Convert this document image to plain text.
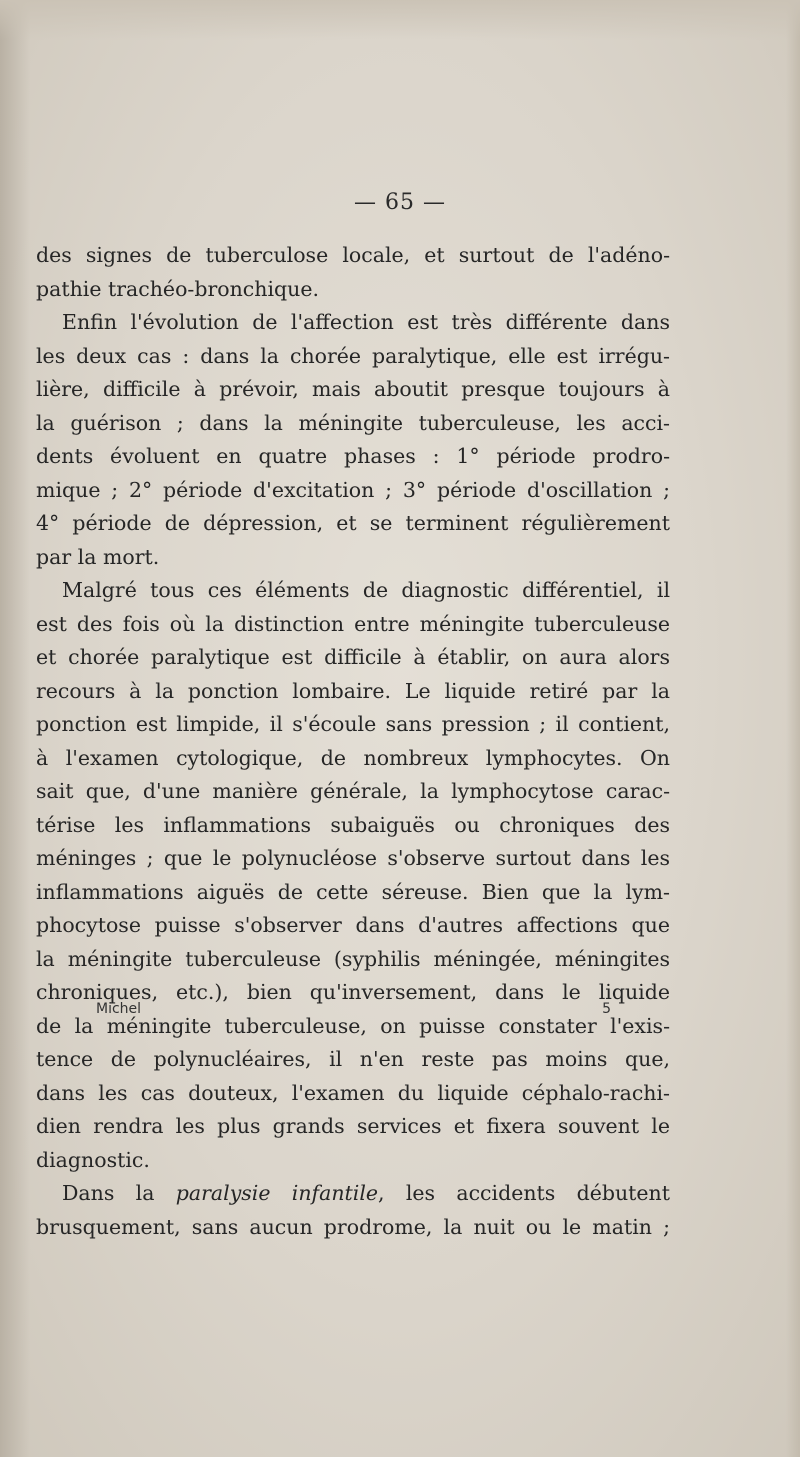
— 65 —
des signes de tuberculose locale, et surtout de l'adéno-
pathie trachéo-bronchique.
Enfin l'évolution de l'affection est très différente dans
les deux cas : dans la chorée paralytique, elle est irrégu-
lière, difficile à prévoir, mais aboutit presque toujours à
la guérison ; dans la méningite tuberculeuse, les acci-
dents évoluent en quatre phases : 1° période prodro-
mique ; 2° période d'excitation ; 3° période d'oscillation ;
4° période de dépression, et se terminent régulièrement
par la mort.
Malgré tous ces éléments de diagnostic différentiel, il
est des fois où la distinction entre méningite tuberculeuse
et chorée paralytique est difficile à établir, on aura alors
recours à la ponction lombaire. Le liquide retiré par la
ponction est limpide, il s'écoule sans pression ; il contient,
à l'examen cytologique, de nombreux lymphocytes. On
sait que, d'une manière générale, la lymphocytose carac-
térise les inflammations subaiguës ou chroniques des
méninges ; que le polynucléose s'observe surtout dans les
inflammations aiguës de cette séreuse. Bien que la lym-
phocytose puisse s'observer dans d'autres affections que
la méningite tuberculeuse (syphilis méningée, méningites
chroniques, etc.), bien qu'inversement, dans le liquide
de la méningite tuberculeuse, on puisse constater l'exis-
tence de polynucléaires, il n'en reste pas moins que,
dans les cas douteux, l'examen du liquide céphalo-rachi-
dien rendra les plus grands services et fixera souvent le
diagnostic.
Dans la paralysie infantile, les accidents débutent
brusquement, sans aucun prodrome, la nuit ou le matin ;
Michel	5
